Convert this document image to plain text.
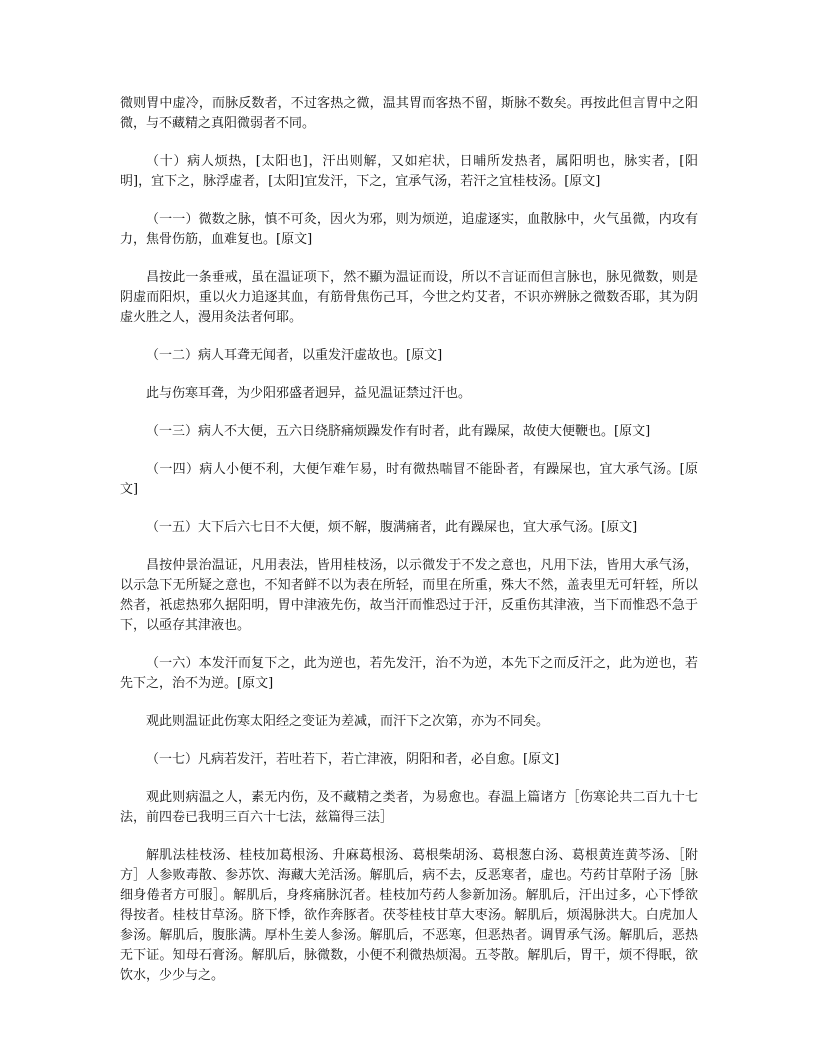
微则胃中虚冷，而脉反数者，不过客热之微，温其胃而客热不留，斯脉不数矣。再按此但言胃中之阳微，与不藏精之真阳微弱者不同。

（十）病人烦热，[太阳也]，汗出则解，又如疟状，日晡所发热者，属阳明也，脉实者，[阳明]，宜下之，脉浮虚者，[太阳]宜发汗，下之，宜承气汤，若汗之宜桂枝汤。[原文]

（一一）微数之脉，慎不可灸，因火为邪，则为烦逆，追虚逐实，血散脉中，火气虽微，内攻有力，焦骨伤筋，血难复也。[原文]

昌按此一条垂戒，虽在温证项下，然不顯为温证而设，所以不言证而但言脉也，脉见微数，则是阴虚而阳炽，重以火力追逐其血，有筋骨焦伤己耳，今世之灼艾者，不识亦辨脉之微数否耶，其为阴虚火胜之人，漫用灸法者何耶。

（一二）病人耳聋无闻者，以重发汗虚故也。[原文]

此与伤寒耳聋，为少阳邪盛者迥异，益见温证禁过汗也。

（一三）病人不大便，五六日绕脐痛烦躁发作有时者，此有躁屎，故使大便鞭也。[原文]

（一四）病人小便不利，大便乍难乍易，时有微热喘冒不能卧者，有躁屎也，宜大承气汤。[原文]

（一五）大下后六七日不大便，烦不解，腹满痛者，此有躁屎也，宜大承气汤。[原文]

昌按仲景治温证，凡用表法，皆用桂枝汤，以示微发于不发之意也，凡用下法，皆用大承气汤，以示急下无所疑之意也，不知者鲜不以为表在所轻，而里在所重，殊大不然，盖表里无可轩轾，所以然者，祇虑热邪久据阳明，胃中津液先伤，故当汗而惟恐过于汗，反重伤其津液，当下而惟恐不急于下，以亟存其津液也。

（一六）本发汗而复下之，此为逆也，若先发汗，治不为逆，本先下之而反汗之，此为逆也，若先下之，治不为逆。[原文]

观此则温证此伤寒太阳经之变证为差减，而汗下之次第，亦为不同矣。

（一七）凡病若发汗，若吐若下，若亡津液，阴阳和者，必自愈。[原文]

观此则病温之人，素无内伤，及不藏精之类者，为易愈也。春温上篇诸方［伤寒论共二百九十七法，前四卷已我明三百六十七法，兹篇得三法］

解肌法桂枝汤、桂枝加葛根汤、升麻葛根汤、葛根柴胡汤、葛根葱白汤、葛根黄连黄芩汤、［附方］人参败毒散、参苏饮、海藏大羌活汤。解肌后，病不去，反恶寒者，虚也。芍药甘草附子汤［脉细身倦者方可服］。解肌后，身疼痛脉沉者。桂枝加芍药人参新加汤。解肌后，汗出过多，心下悸欲得按者。桂枝甘草汤。脐下悸，欲作奔豚者。茯苓桂枝甘草大枣汤。解肌后，烦渴脉洪大。白虎加人参汤。解肌后，腹胀满。厚朴生姜人参汤。解肌后，不恶寒，但恶热者。调胃承气汤。解肌后，恶热无下证。知母石膏汤。解肌后，脉微数，小便不利微热烦渴。五苓散。解肌后，胃干，烦不得眠，欲饮水，少少与之。
